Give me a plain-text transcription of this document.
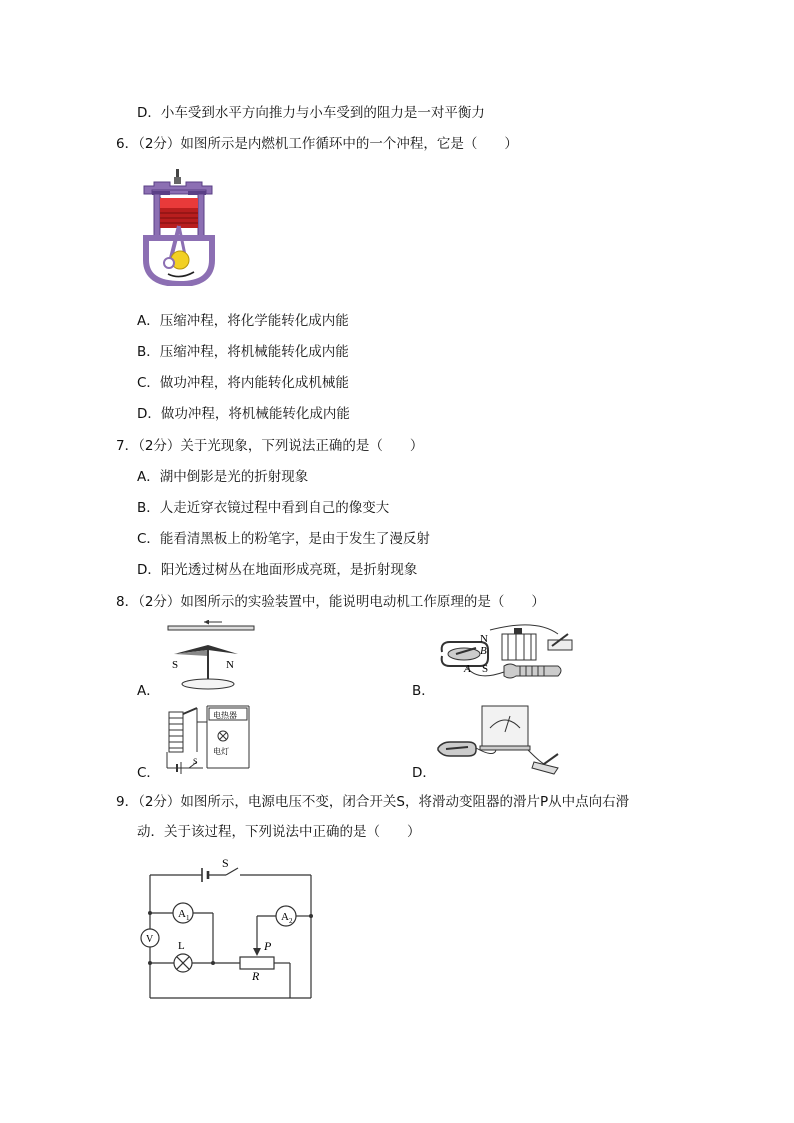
D．小车受到水平方向推力与小车受到的阻力是一对平衡力
6．（2分）如图所示是内燃机工作循环中的一个冲程，它是（　　）
A．压缩冲程，将化学能转化成内能
B．压缩冲程，将机械能转化成内能
C．做功冲程，将内能转化成机械能
D．做功冲程，将机械能转化成内能
7．（2分）关于光现象，下列说法正确的是（　　）
A．湖中倒影是光的折射现象
B．人走近穿衣镜过程中看到自己的像变大
C．能看清黑板上的粉笔字，是由于发生了漫反射
D．阳光透过树丛在地面形成亮斑，是折射现象
8．（2分）如图所示的实验装置中，能说明电动机工作原理的是（　　）
S	N
A．
N
B
A S
B．
电热器
电灯
S
C．	D．
9．（2分）如图所示，电源电压不变，闭合开关S，将滑动变阻器的滑片P从中点向右滑
动．关于该过程，下列说法中正确的是（　　）
S
A 1	A 2
V
L	P
R
